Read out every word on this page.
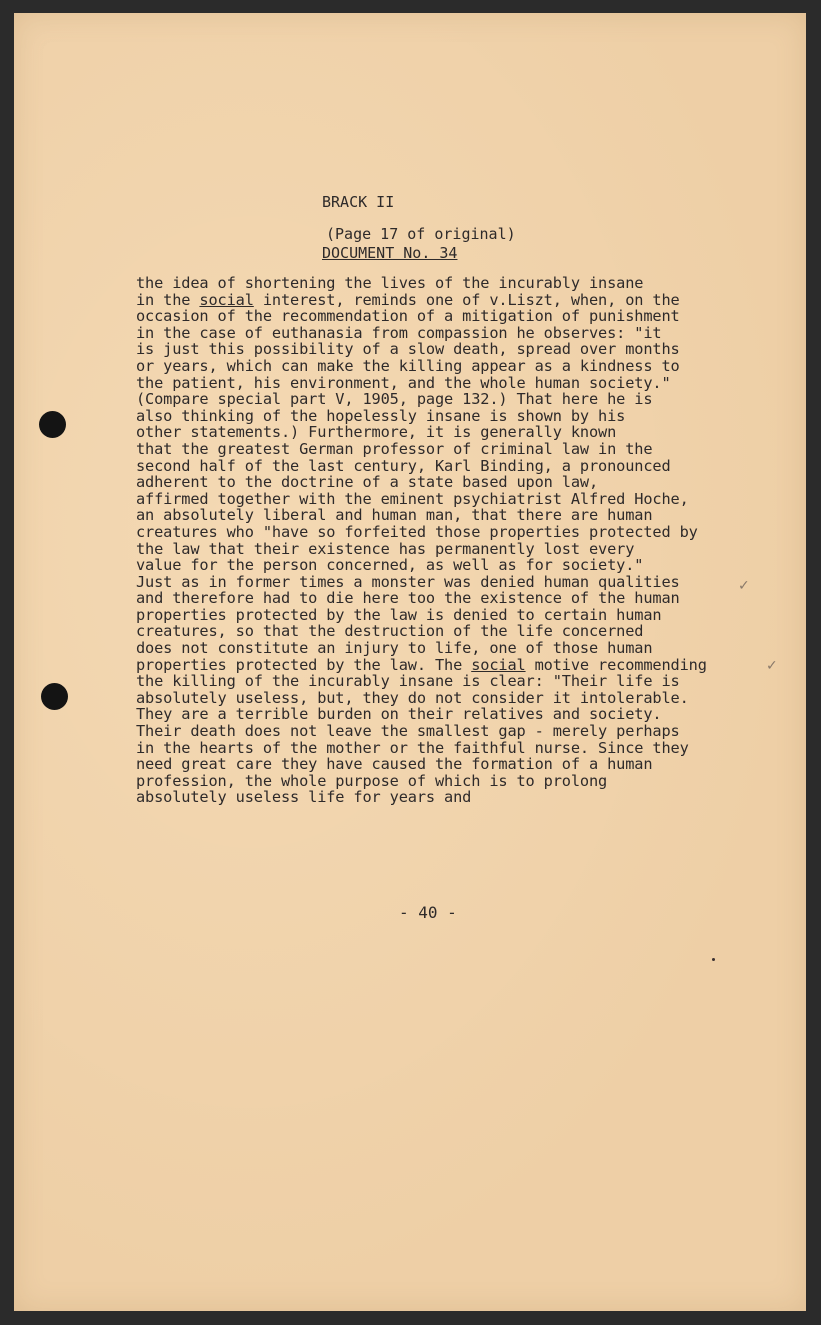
BRACK II

DOCUMENT No. 34

(Page 17 of original)
the idea of shortening the lives of the incurably insane
in the social interest, reminds one of v.Liszt, when, on the
occasion of the recommendation of a mitigation of punishment
in the case of euthanasia from compassion he observes: "it
is just this possibility of a slow death, spread over months
or years, which can make the killing appear as a kindness to
the patient, his environment, and the whole human society."
(Compare special part V, 1905, page 132.) That here he is
also thinking of the hopelessly insane is shown by his
other statements.) Furthermore, it is generally known
that the greatest German professor of criminal law in the
second half of the last century, Karl Binding, a pronounced
adherent to the doctrine of a state based upon law,
affirmed together with the eminent psychiatrist Alfred Hoche,
an absolutely liberal and human man, that there are human
creatures who "have so forfeited those properties protected by
the law that their existence has permanently lost every
value for the person concerned, as well as for society."
Just as in former times a monster was denied human qualities
and therefore had to die here too the existence of the human
properties protected by the law is denied to certain human
creatures, so that the destruction of the life concerned
does not constitute an injury to life, one of those human
properties protected by the law. The social motive recommending
the killing of the incurably insane is clear: "Their life is
absolutely useless, but, they do not consider it intolerable.
They are a terrible burden on their relatives and society.
Their death does not leave the smallest gap - merely perhaps
in the hearts of the mother or the faithful nurse. Since they
need great care they have caused the formation of a human
profession, the whole purpose of which is to prolong
absolutely useless life for years and
- 40 -
✓
✓
